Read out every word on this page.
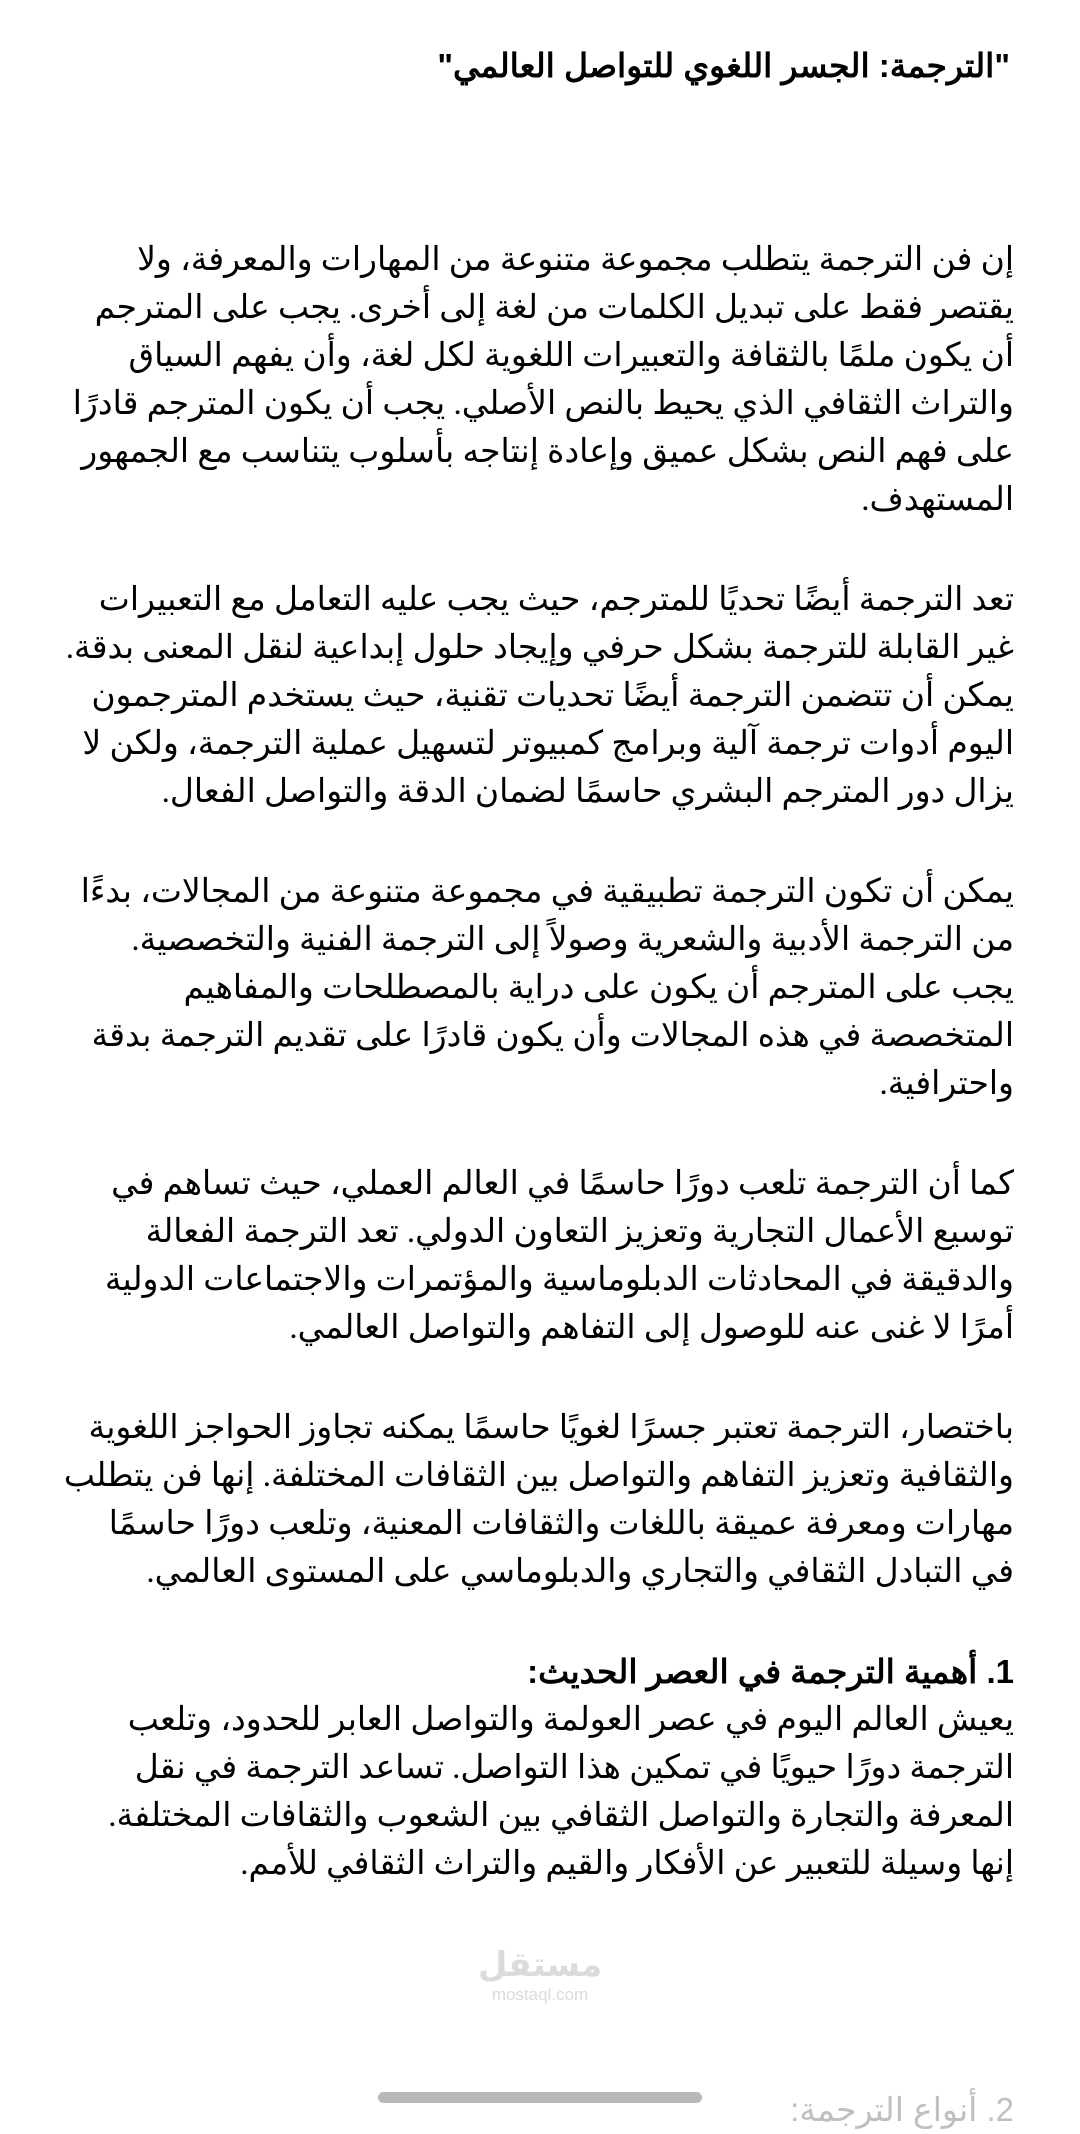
"الترجمة: الجسر اللغوي للتواصل العالمي"

إن فن الترجمة يتطلب مجموعة متنوعة من المهارات والمعرفة، ولا يقتصر فقط على تبديل الكلمات من لغة إلى أخرى. يجب على المترجم أن يكون ملمًا بالثقافة والتعبيرات اللغوية لكل لغة، وأن يفهم السياق والتراث الثقافي الذي يحيط بالنص الأصلي. يجب أن يكون المترجم قادرًا على فهم النص بشكل عميق وإعادة إنتاجه بأسلوب يتناسب مع الجمهور المستهدف.

تعد الترجمة أيضًا تحديًا للمترجم، حيث يجب عليه التعامل مع التعبيرات غير القابلة للترجمة بشكل حرفي وإيجاد حلول إبداعية لنقل المعنى بدقة. يمكن أن تتضمن الترجمة أيضًا تحديات تقنية، حيث يستخدم المترجمون اليوم أدوات ترجمة آلية وبرامج كمبيوتر لتسهيل عملية الترجمة، ولكن لا يزال دور المترجم البشري حاسمًا لضمان الدقة والتواصل الفعال.

يمكن أن تكون الترجمة تطبيقية في مجموعة متنوعة من المجالات، بدءًا من الترجمة الأدبية والشعرية وصولاً إلى الترجمة الفنية والتخصصية. يجب على المترجم أن يكون على دراية بالمصطلحات والمفاهيم المتخصصة في هذه المجالات وأن يكون قادرًا على تقديم الترجمة بدقة واحترافية.

كما أن الترجمة تلعب دورًا حاسمًا في العالم العملي، حيث تساهم في توسيع الأعمال التجارية وتعزيز التعاون الدولي. تعد الترجمة الفعالة والدقيقة في المحادثات الدبلوماسية والمؤتمرات والاجتماعات الدولية أمرًا لا غنى عنه للوصول إلى التفاهم والتواصل العالمي.

باختصار، الترجمة تعتبر جسرًا لغويًا حاسمًا يمكنه تجاوز الحواجز اللغوية والثقافية وتعزيز التفاهم والتواصل بين الثقافات المختلفة. إنها فن يتطلب مهارات ومعرفة عميقة باللغات والثقافات المعنية، وتلعب دورًا حاسمًا في التبادل الثقافي والتجاري والدبلوماسي على المستوى العالمي.

1. أهمية الترجمة في العصر الحديث:

يعيش العالم اليوم في عصر العولمة والتواصل العابر للحدود، وتلعب الترجمة دورًا حيويًا في تمكين هذا التواصل. تساعد الترجمة في نقل المعرفة والتجارة والتواصل الثقافي بين الشعوب والثقافات المختلفة. إنها وسيلة للتعبير عن الأفكار والقيم والتراث الثقافي للأمم.

2. أنواع الترجمة:
مستقل
mostaql.com
